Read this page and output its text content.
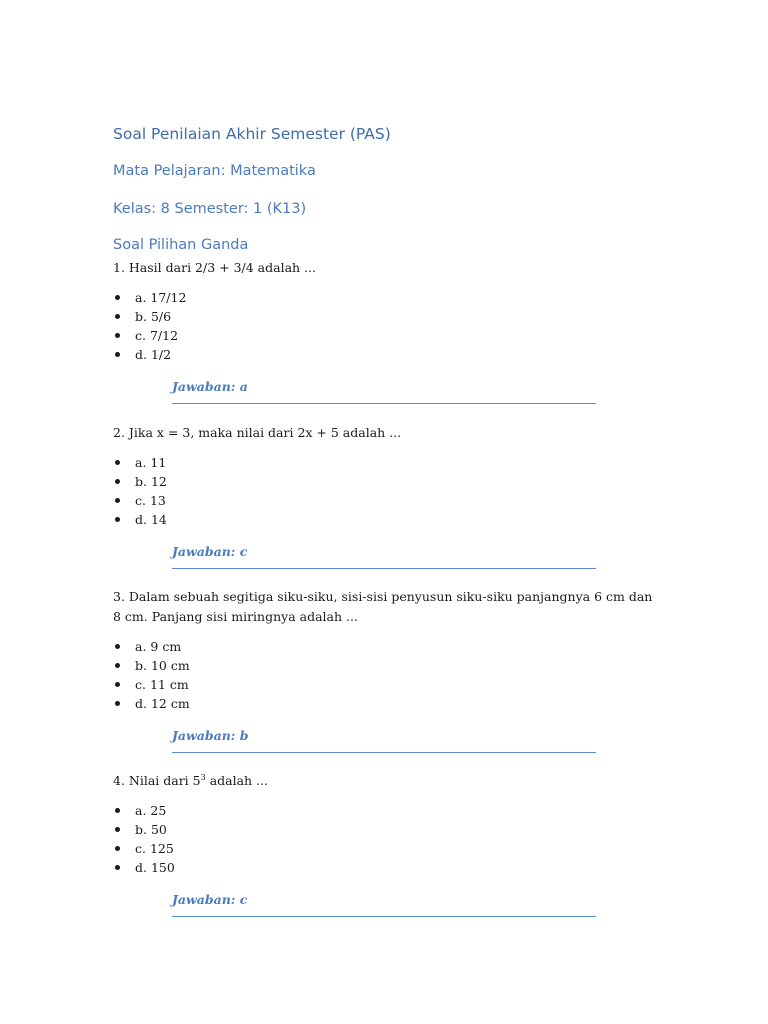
Soal Penilaian Akhir Semester (PAS)
Mata Pelajaran: Matematika
Kelas: 8 Semester: 1 (K13)
Soal Pilihan Ganda

1. Hasil dari 2/3 + 3/4 adalah ...

a. 17/12
b. 5/6
c. 7/12
d. 1/2
Jawaban: a

2. Jika x = 3, maka nilai dari 2x + 5 adalah ...

a. 11
b. 12
c. 13
d. 14
Jawaban: c

3. Dalam sebuah segitiga siku-siku, sisi-sisi penyusun siku-siku panjangnya 6 cm dan 8 cm. Panjang sisi miringnya adalah ...

a. 9 cm
b. 10 cm
c. 11 cm
d. 12 cm
Jawaban: b

4. Nilai dari $5^3$ adalah ...

a. 25
b. 50
c. 125
d. 150
Jawaban: c
